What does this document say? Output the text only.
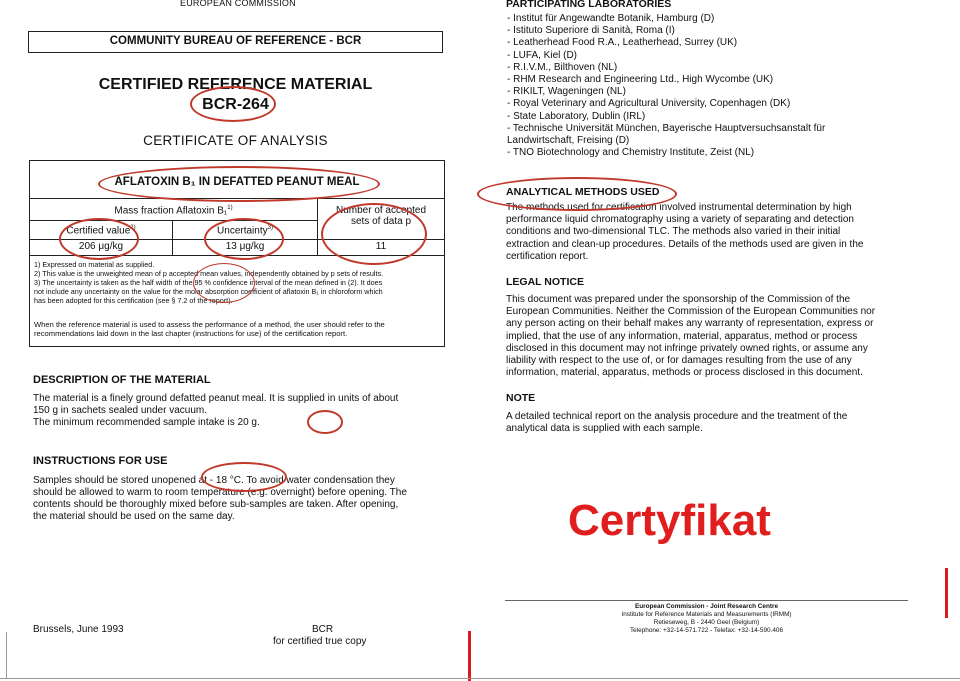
EUROPEAN COMMISSION
COMMUNITY BUREAU OF REFERENCE - BCR
CERTIFIED REFERENCE MATERIAL
BCR-264
CERTIFICATE OF ANALYSIS
AFLATOXIN B₁ IN DEFATTED PEANUT MEAL
Mass fraction Aflatoxin B₁$^{1)}$	Number of accepted
sets of data p
Certified value$^{2)}$	Uncertainty$^{3)}$
206 μg/kg	13 μg/kg	11
1) Expressed on material as supplied.
2) This value is the unweighted mean of p accepted mean values, independently obtained by p sets of results.
3) The uncertainty is taken as the half width of the 95 % confidence interval of the mean defined in (2). It does
not include any uncertainty on the value for the molar absorption coefficient of aflatoxin B₁ in chloroform which
has been adopted for this certification (see § 7.2 of the report).
When the reference material is used to assess the performance of a method, the user should refer to the
recommendations laid down in the last chapter (instructions for use) of the certification report.
DESCRIPTION OF THE MATERIAL
The material is a finely ground defatted peanut meal. It is supplied in units of about
150 g in sachets sealed under vacuum.
The minimum recommended sample intake is 20 g.
INSTRUCTIONS FOR USE
Samples should be stored unopened at - 18 °C. To avoid water condensation they
should be allowed to warm to room temperature (e.g. overnight) before opening. The
contents should be thoroughly mixed before sub-samples are taken. After opening,
the material should be used on the same day.
Brussels, June 1993	BCR
for certified true copy
PARTICIPATING LABORATORIES
- Institut für Angewandte Botanik, Hamburg (D)
- Istituto Superiore di Sanità, Roma (I)
- Leatherhead Food R.A., Leatherhead, Surrey (UK)
- LUFA, Kiel (D)
- R.I.V.M., Bilthoven (NL)
- RHM Research and Engineering Ltd., High Wycombe (UK)
- RIKILT, Wageningen (NL)
- Royal Veterinary and Agricultural University, Copenhagen (DK)
- State Laboratory, Dublin (IRL)
- Technische Universität München, Bayerische Hauptversuchsanstalt für
Landwirtschaft, Freising (D)
- TNO Biotechnology and Chemistry Institute, Zeist (NL)
ANALYTICAL METHODS USED
The methods used for certification involved instrumental determination by high
performance liquid chromatography using a variety of separating and detection
conditions and two-dimensional TLC. The methods also varied in their initial
extraction and clean-up procedures. Details of the methods used are given in the
certification report.
LEGAL NOTICE
This document was prepared under the sponsorship of the Commission of the
European Communities. Neither the Commission of the European Communities nor
any person acting on their behalf makes any warranty of representation, express or
implied, that the use of any information, material, apparatus, method or process
disclosed in this document may not infringe privately owned rights, or assume any
liability with respect to the use of, or for damages resulting from the use of any
information, material, apparatus, methods or process disclosed in this document.
NOTE
A detailed technical report on the analysis procedure and the treatment of the
analytical data is supplied with each sample.
Certyfikat
European Commission - Joint Research Centre
Institute for Reference Materials and Measurements (IRMM)
Retieseweg, B - 2440 Geel (Belgium)
Telephone: +32-14-571.722 - Telefax: +32-14-590.406
